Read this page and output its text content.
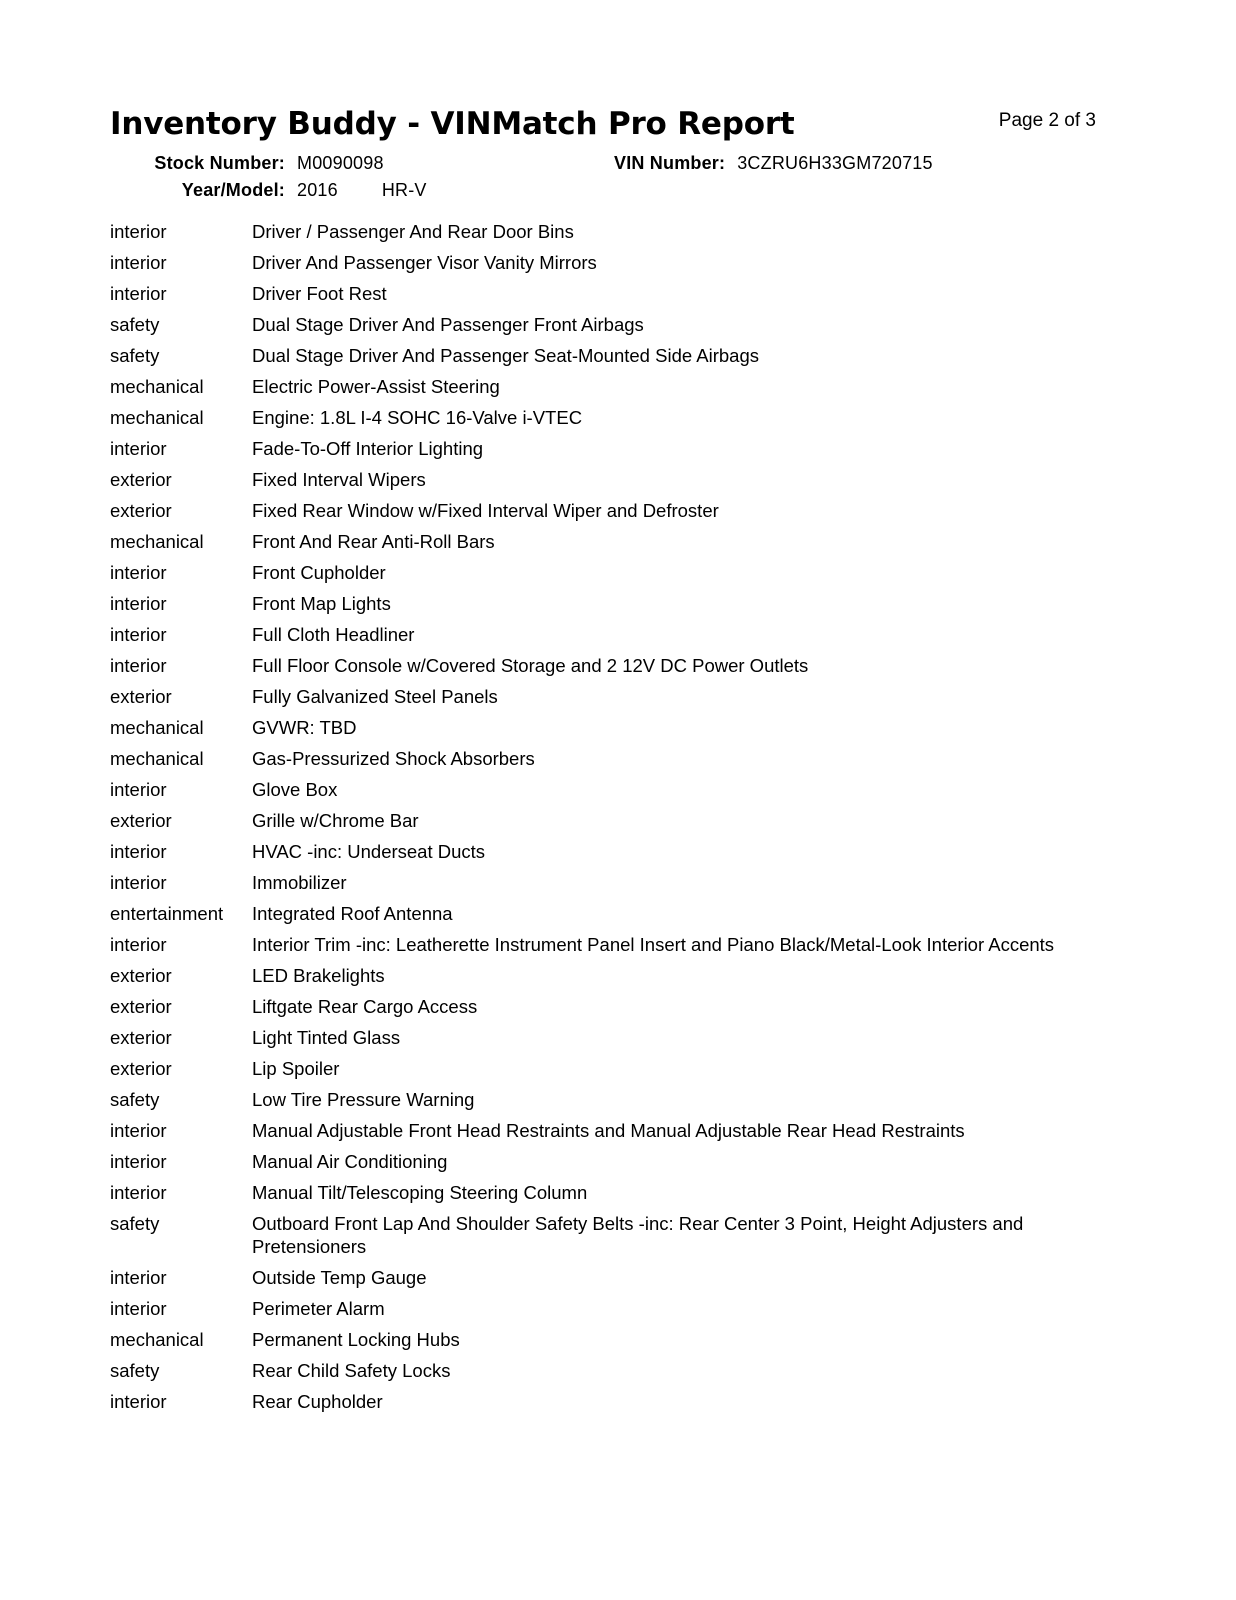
Inventory Buddy - VINMatch Pro Report	Page 2 of 3
Stock Number: M0090098	VIN Number: 3CZRU6H33GM720715
Year/Model: 2016 HR-V
interior	Driver / Passenger And Rear Door Bins
interior	Driver And Passenger Visor Vanity Mirrors
interior	Driver Foot Rest
safety	Dual Stage Driver And Passenger Front Airbags
safety	Dual Stage Driver And Passenger Seat-Mounted Side Airbags
mechanical	Electric Power-Assist Steering
mechanical	Engine: 1.8L I-4 SOHC 16-Valve i-VTEC
interior	Fade-To-Off Interior Lighting
exterior	Fixed Interval Wipers
exterior	Fixed Rear Window w/Fixed Interval Wiper and Defroster
mechanical	Front And Rear Anti-Roll Bars
interior	Front Cupholder
interior	Front Map Lights
interior	Full Cloth Headliner
interior	Full Floor Console w/Covered Storage and 2 12V DC Power Outlets
exterior	Fully Galvanized Steel Panels
mechanical	GVWR: TBD
mechanical	Gas-Pressurized Shock Absorbers
interior	Glove Box
exterior	Grille w/Chrome Bar
interior	HVAC -inc: Underseat Ducts
interior	Immobilizer
entertainment	Integrated Roof Antenna
interior	Interior Trim -inc: Leatherette Instrument Panel Insert and Piano Black/Metal-Look Interior Accents
exterior	LED Brakelights
exterior	Liftgate Rear Cargo Access
exterior	Light Tinted Glass
exterior	Lip Spoiler
safety	Low Tire Pressure Warning
interior	Manual Adjustable Front Head Restraints and Manual Adjustable Rear Head Restraints
interior	Manual Air Conditioning
interior	Manual Tilt/Telescoping Steering Column
safety	Outboard Front Lap And Shoulder Safety Belts -inc: Rear Center 3 Point, Height Adjusters and Pretensioners
interior	Outside Temp Gauge
interior	Perimeter Alarm
mechanical	Permanent Locking Hubs
safety	Rear Child Safety Locks
interior	Rear Cupholder
